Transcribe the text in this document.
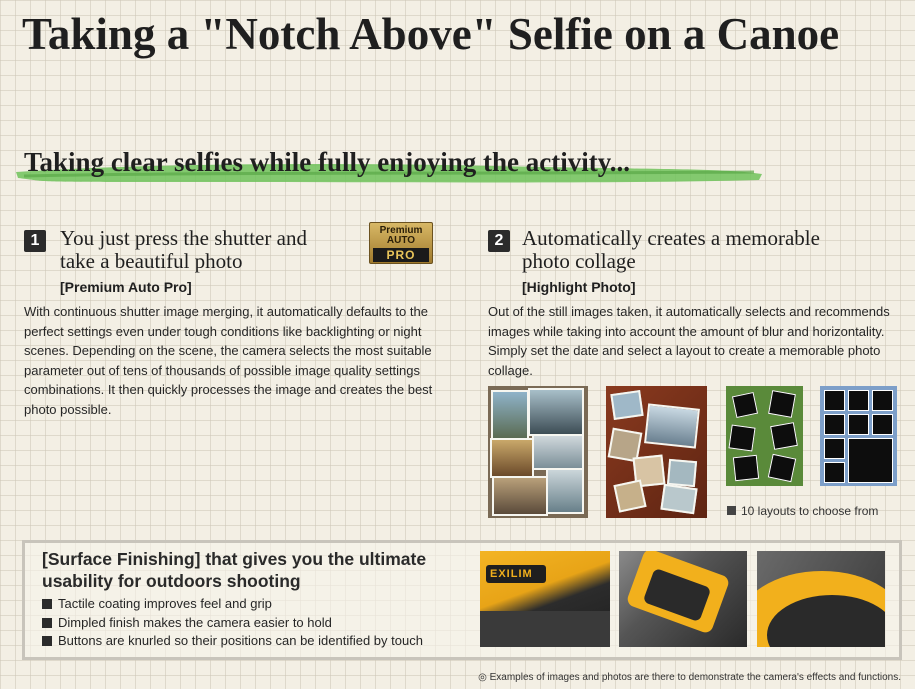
Taking a "Notch Above" Selfie on a Canoe
Taking clear selfies while fully enjoying the activity...
1 You just press the shutter and
take a beautiful photo
Premium
AUTO
PRO
[Premium Auto Pro]

With continuous shutter image merging, it automatically defaults to the perfect settings even under tough conditions like backlighting or night scenes. Depending on the scene, the camera selects the most suitable parameter out of tens of thousands of possible image quality settings combinations. It then quickly processes the image and creates the best photo possible.

2 Automatically creates a memorable
photo collage
[Highlight Photo]

Out of the still images taken, it automatically selects and recommends images while taking into account the amount of blur and horizontality. Simply set the date and select a layout to create a memorable photo collage.

10 layouts to choose from
[Surface Finishing] that gives you the ultimate usability for outdoors shooting
Tactile coating improves feel and grip
Dimpled finish makes the camera easier to hold
Buttons are knurled so their positions can be identified by touch
EXILIM
◎ Examples of images and photos are there to demonstrate the camera's effects and functions.
